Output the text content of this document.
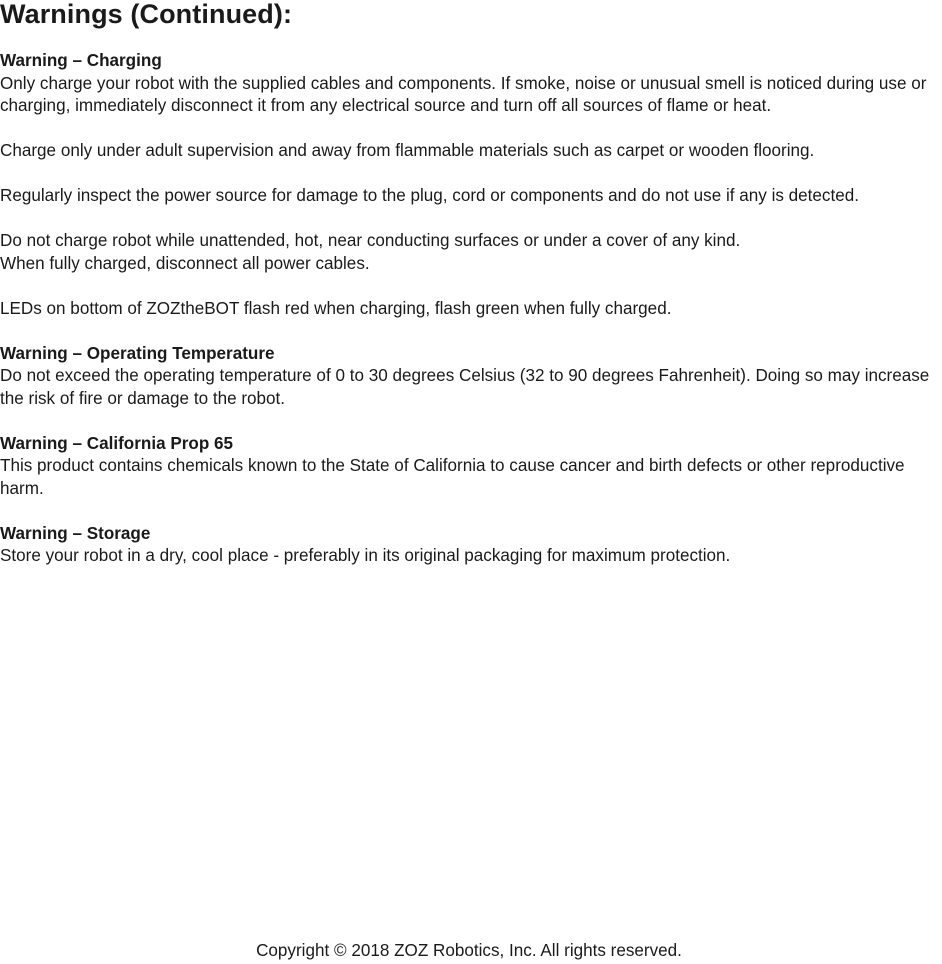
Warnings (Continued):
Warning – Charging

Only charge your robot with the supplied cables and components. If smoke, noise or unusual smell is noticed during use or charging, immediately disconnect it from any electrical source and turn off all sources of flame or heat.

Charge only under adult supervision and away from flammable materials such as carpet or wooden flooring.

Regularly inspect the power source for damage to the plug, cord or components and do not use if any is detected.

Do not charge robot while unattended, hot, near conducting surfaces or under a cover of any kind.

When fully charged, disconnect all power cables.

LEDs on bottom of ZOZtheBOT flash red when charging, flash green when fully charged.

Warning – Operating Temperature

Do not exceed the operating temperature of 0 to 30 degrees Celsius (32 to 90 degrees Fahrenheit). Doing so may increase the risk of fire or damage to the robot.

Warning – California Prop 65

This product contains chemicals known to the State of California to cause cancer and birth defects or other reproductive harm.

Warning – Storage

Store your robot in a dry, cool place - preferably in its original packaging for maximum protection.

Copyright © 2018 ZOZ Robotics, Inc. All rights reserved.
